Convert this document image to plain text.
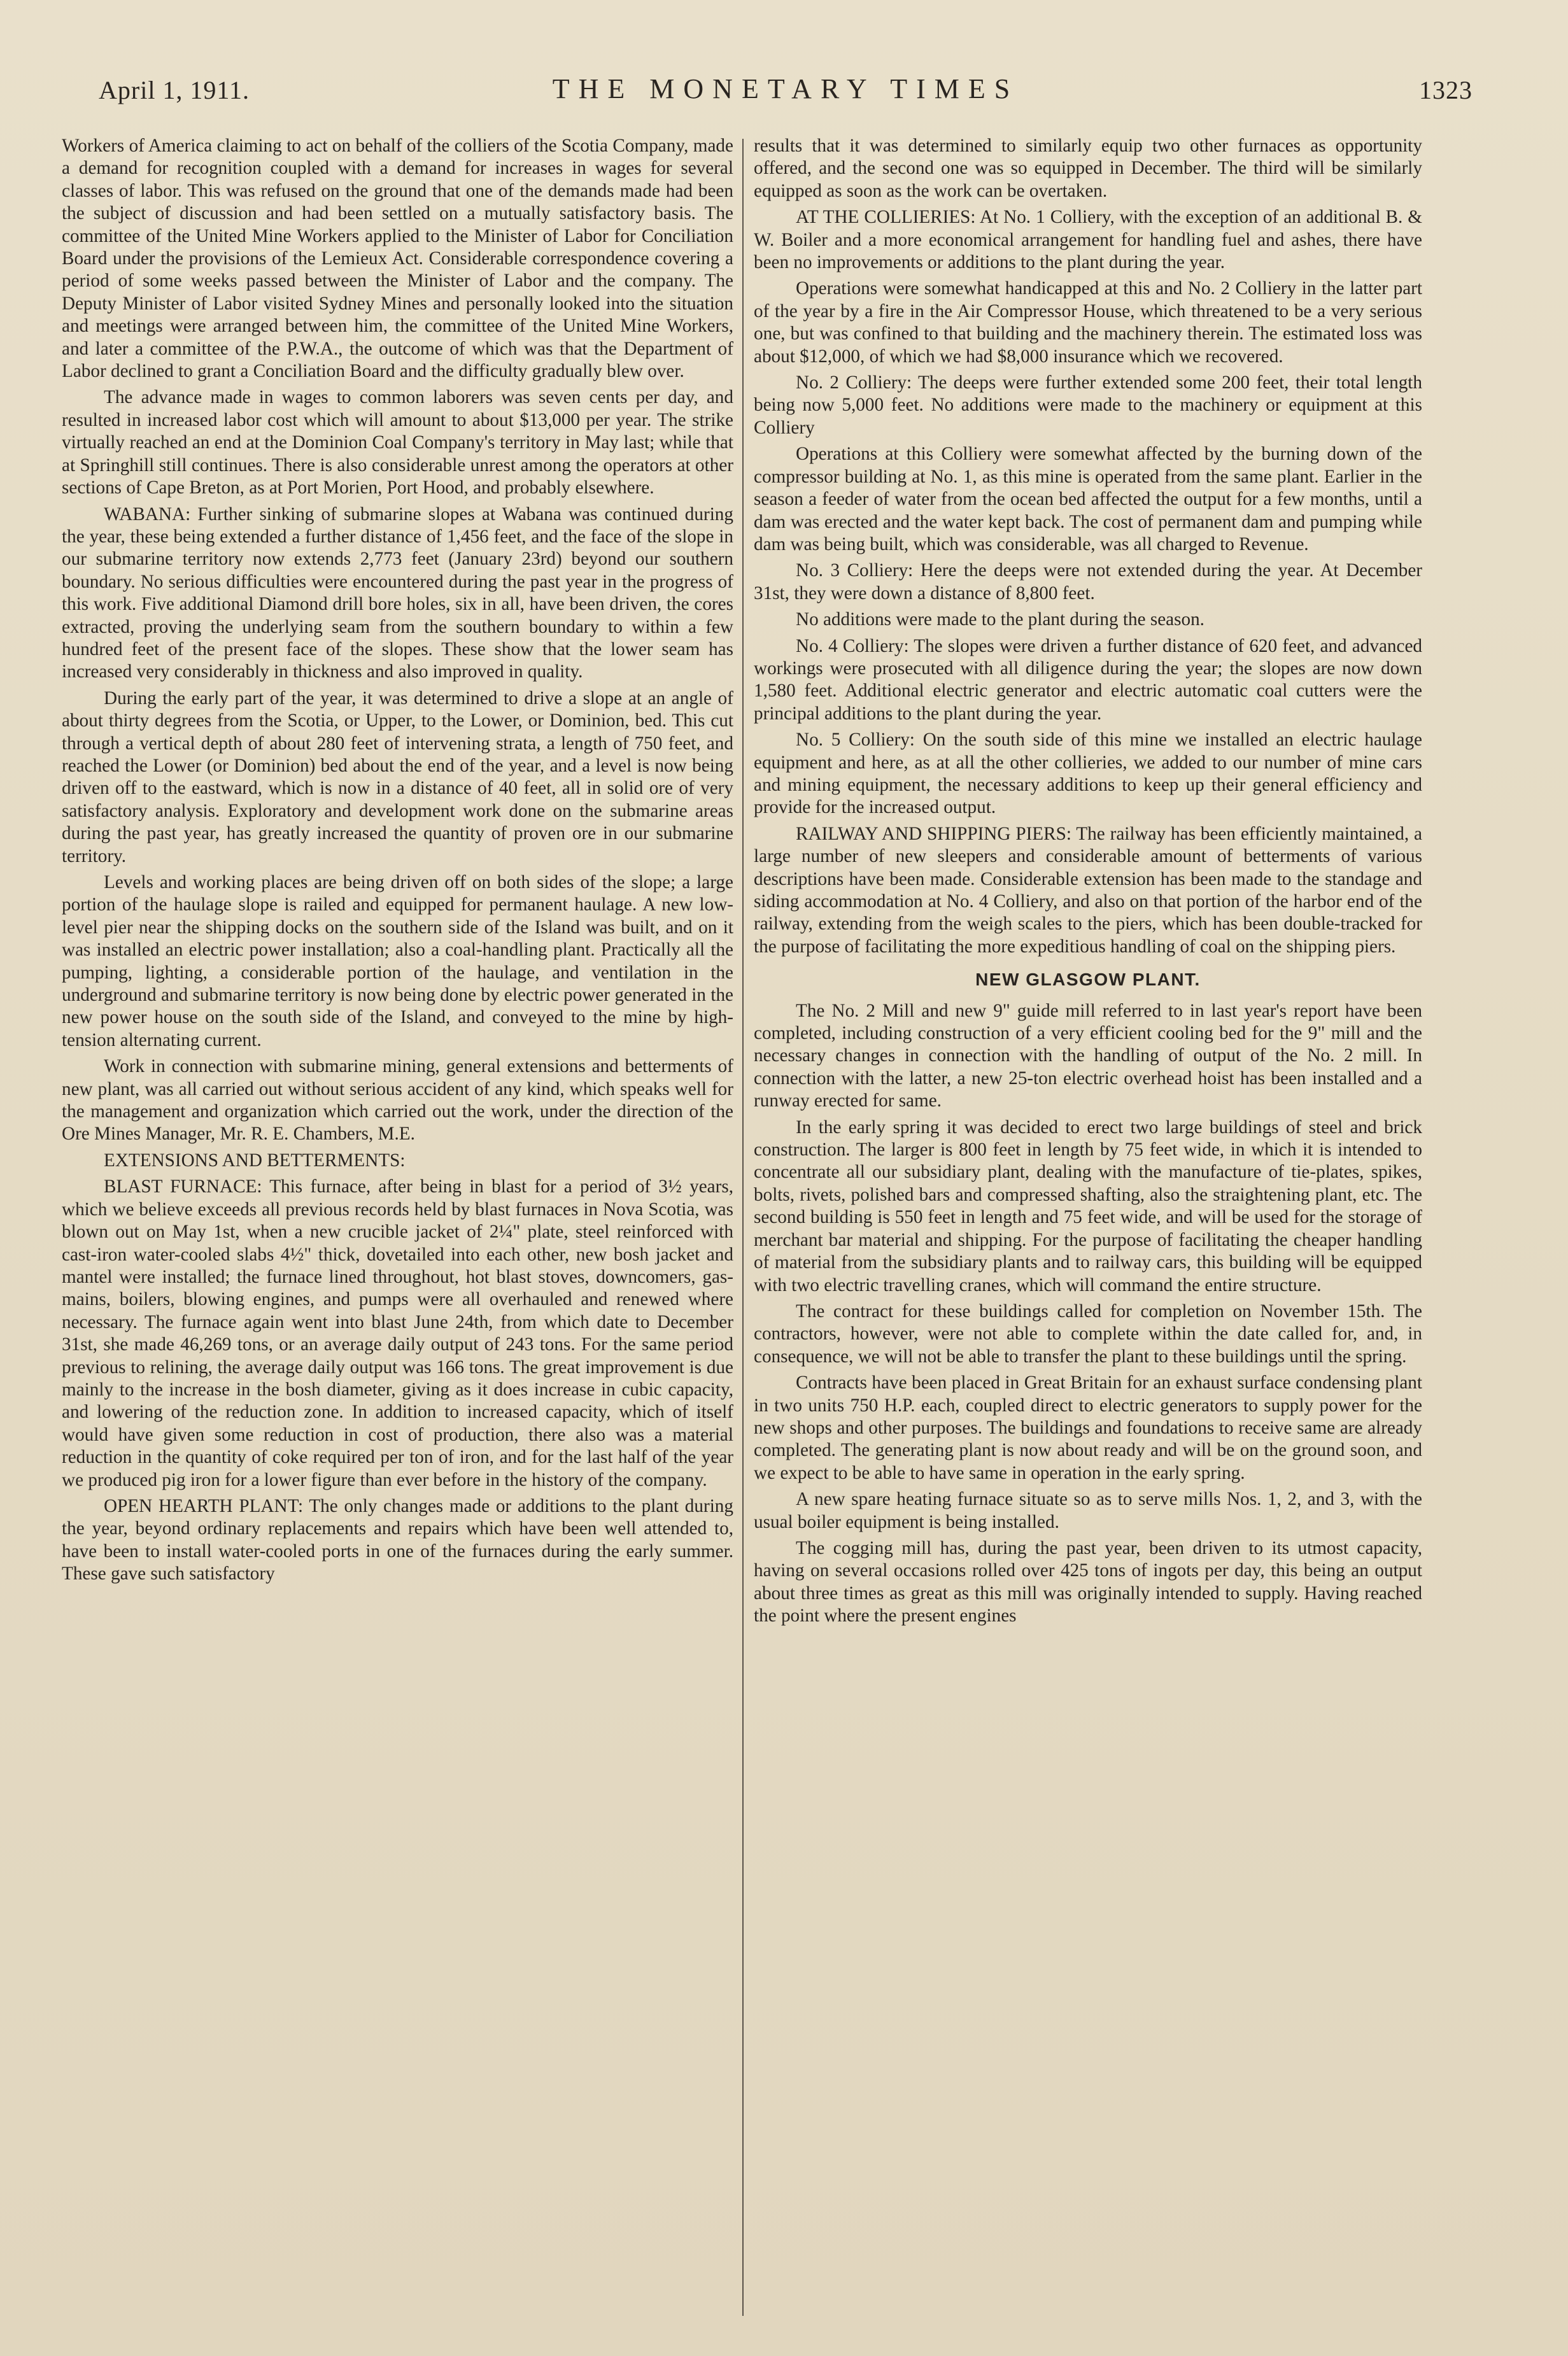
April 1, 1911.	THE MONETARY TIMES	1323

Workers of America claiming to act on behalf of the colliers of the Scotia Company, made a demand for recognition coupled with a demand for increases in wages for several classes of labor. This was refused on the ground that one of the demands made had been the subject of discussion and had been settled on a mutually satisfactory basis. The committee of the United Mine Workers applied to the Minister of Labor for Conciliation Board under the provisions of the Lemieux Act. Considerable correspondence covering a period of some weeks passed between the Minister of Labor and the company. The Deputy Minister of Labor visited Sydney Mines and personally looked into the situation and meetings were arranged between him, the committee of the United Mine Workers, and later a committee of the P.W.A., the outcome of which was that the Department of Labor declined to grant a Conciliation Board and the difficulty gradually blew over.

The advance made in wages to common laborers was seven cents per day, and resulted in increased labor cost which will amount to about $13,000 per year. The strike virtually reached an end at the Dominion Coal Company's territory in May last; while that at Springhill still continues. There is also considerable unrest among the operators at other sections of Cape Breton, as at Port Morien, Port Hood, and probably elsewhere.

WABANA: Further sinking of submarine slopes at Wabana was continued during the year, these being extended a further distance of 1,456 feet, and the face of the slope in our submarine territory now extends 2,773 feet (January 23rd) beyond our southern boundary. No serious difficulties were encountered during the past year in the progress of this work. Five additional Diamond drill bore holes, six in all, have been driven, the cores extracted, proving the underlying seam from the southern boundary to within a few hundred feet of the present face of the slopes. These show that the lower seam has increased very considerably in thickness and also improved in quality.

During the early part of the year, it was determined to drive a slope at an angle of about thirty degrees from the Scotia, or Upper, to the Lower, or Dominion, bed. This cut through a vertical depth of about 280 feet of intervening strata, a length of 750 feet, and reached the Lower (or Dominion) bed about the end of the year, and a level is now being driven off to the eastward, which is now in a distance of 40 feet, all in solid ore of very satisfactory analysis. Exploratory and development work done on the submarine areas during the past year, has greatly increased the quantity of proven ore in our submarine territory.

Levels and working places are being driven off on both sides of the slope; a large portion of the haulage slope is railed and equipped for permanent haulage. A new low-level pier near the shipping docks on the southern side of the Island was built, and on it was installed an electric power installation; also a coal-handling plant. Practically all the pumping, lighting, a considerable portion of the haulage, and ventilation in the underground and submarine territory is now being done by electric power generated in the new power house on the south side of the Island, and conveyed to the mine by high-tension alternating current.

Work in connection with submarine mining, general extensions and betterments of new plant, was all carried out without serious accident of any kind, which speaks well for the management and organization which carried out the work, under the direction of the Ore Mines Manager, Mr. R. E. Chambers, M.E.

EXTENSIONS AND BETTERMENTS:

BLAST FURNACE: This furnace, after being in blast for a period of 3½ years, which we believe exceeds all previous records held by blast furnaces in Nova Scotia, was blown out on May 1st, when a new crucible jacket of 2¼" plate, steel reinforced with cast-iron water-cooled slabs 4½" thick, dovetailed into each other, new bosh jacket and mantel were installed; the furnace lined throughout, hot blast stoves, downcomers, gas-mains, boilers, blowing engines, and pumps were all overhauled and renewed where necessary. The furnace again went into blast June 24th, from which date to December 31st, she made 46,269 tons, or an average daily output of 243 tons. For the same period previous to relining, the average daily output was 166 tons. The great improvement is due mainly to the increase in the bosh diameter, giving as it does increase in cubic capacity, and lowering of the reduction zone. In addition to increased capacity, which of itself would have given some reduction in cost of production, there also was a material reduction in the quantity of coke required per ton of iron, and for the last half of the year we produced pig iron for a lower figure than ever before in the history of the company.

OPEN HEARTH PLANT: The only changes made or additions to the plant during the year, beyond ordinary replacements and repairs which have been well attended to, have been to install water-cooled ports in one of the furnaces during the early summer. These gave such satisfactory

results that it was determined to similarly equip two other furnaces as opportunity offered, and the second one was so equipped in December. The third will be similarly equipped as soon as the work can be overtaken.

AT THE COLLIERIES: At No. 1 Colliery, with the exception of an additional B. & W. Boiler and a more economical arrangement for handling fuel and ashes, there have been no improvements or additions to the plant during the year.

Operations were somewhat handicapped at this and No. 2 Colliery in the latter part of the year by a fire in the Air Compressor House, which threatened to be a very serious one, but was confined to that building and the machinery therein. The estimated loss was about $12,000, of which we had $8,000 insurance which we recovered.

No. 2 Colliery: The deeps were further extended some 200 feet, their total length being now 5,000 feet. No additions were made to the machinery or equipment at this Colliery

Operations at this Colliery were somewhat affected by the burning down of the compressor building at No. 1, as this mine is operated from the same plant. Earlier in the season a feeder of water from the ocean bed affected the output for a few months, until a dam was erected and the water kept back. The cost of permanent dam and pumping while dam was being built, which was considerable, was all charged to Revenue.

No. 3 Colliery: Here the deeps were not extended during the year. At December 31st, they were down a distance of 8,800 feet.

No additions were made to the plant during the season.

No. 4 Colliery: The slopes were driven a further distance of 620 feet, and advanced workings were prosecuted with all diligence during the year; the slopes are now down 1,580 feet. Additional electric generator and electric automatic coal cutters were the principal additions to the plant during the year.

No. 5 Colliery: On the south side of this mine we installed an electric haulage equipment and here, as at all the other collieries, we added to our number of mine cars and mining equipment, the necessary additions to keep up their general efficiency and provide for the increased output.

RAILWAY AND SHIPPING PIERS: The railway has been efficiently maintained, a large number of new sleepers and considerable amount of betterments of various descriptions have been made. Considerable extension has been made to the standage and siding accommodation at No. 4 Colliery, and also on that portion of the harbor end of the railway, extending from the weigh scales to the piers, which has been double-tracked for the purpose of facilitating the more expeditious handling of coal on the shipping piers.

NEW GLASGOW PLANT.

The No. 2 Mill and new 9" guide mill referred to in last year's report have been completed, including construction of a very efficient cooling bed for the 9" mill and the necessary changes in connection with the handling of output of the No. 2 mill. In connection with the latter, a new 25-ton electric overhead hoist has been installed and a runway erected for same.

In the early spring it was decided to erect two large buildings of steel and brick construction. The larger is 800 feet in length by 75 feet wide, in which it is intended to concentrate all our subsidiary plant, dealing with the manufacture of tie-plates, spikes, bolts, rivets, polished bars and compressed shafting, also the straightening plant, etc. The second building is 550 feet in length and 75 feet wide, and will be used for the storage of merchant bar material and shipping. For the purpose of facilitating the cheaper handling of material from the subsidiary plants and to railway cars, this building will be equipped with two electric travelling cranes, which will command the entire structure.

The contract for these buildings called for completion on November 15th. The contractors, however, were not able to complete within the date called for, and, in consequence, we will not be able to transfer the plant to these buildings until the spring.

Contracts have been placed in Great Britain for an exhaust surface condensing plant in two units 750 H.P. each, coupled direct to electric generators to supply power for the new shops and other purposes. The buildings and foundations to receive same are already completed. The generating plant is now about ready and will be on the ground soon, and we expect to be able to have same in operation in the early spring.

A new spare heating furnace situate so as to serve mills Nos. 1, 2, and 3, with the usual boiler equipment is being installed.

The cogging mill has, during the past year, been driven to its utmost capacity, having on several occasions rolled over 425 tons of ingots per day, this being an output about three times as great as this mill was originally intended to supply. Having reached the point where the present engines
